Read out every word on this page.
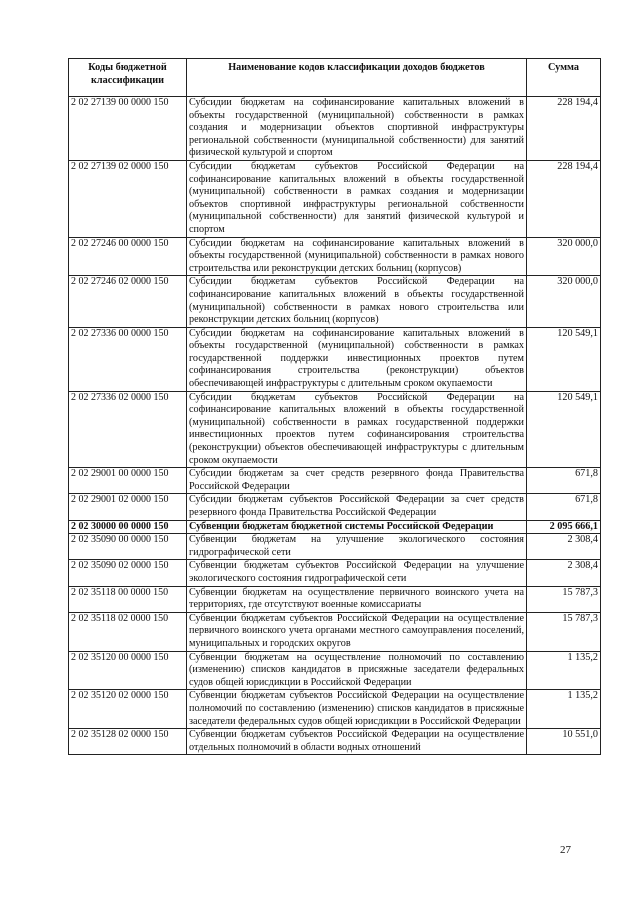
Коды бюджетной классификации	Наименование кодов классификации доходов бюджетов	Сумма
2 02 27139 00 0000 150	Субсидии бюджетам на софинансирование капитальных вложений в объекты государственной (муниципальной) собственности в рамках создания и модернизации объектов спортивной инфраструктуры региональной собственности (муниципальной собственности) для занятий физической культурой и спортом	228 194,4
2 02 27139 02 0000 150	Субсидии бюджетам субъектов Российской Федерации на софинансирование капитальных вложений в объекты государственной (муниципальной) собственности в рамках создания и модернизации объектов спортивной инфраструктуры региональной собственности (муниципальной собственности) для занятий физической культурой и спортом	228 194,4
2 02 27246 00 0000 150	Субсидии бюджетам на софинансирование капитальных вложений в объекты государственной (муниципальной) собственности в рамках нового строительства или реконструкции детских больниц (корпусов)	320 000,0
2 02 27246 02 0000 150	Субсидии бюджетам субъектов Российской Федерации на софинансирование капитальных вложений в объекты государственной (муниципальной) собственности в рамках нового строительства или реконструкции детских больниц (корпусов)	320 000,0
2 02 27336 00 0000 150	Субсидии бюджетам на софинансирование капитальных вложений в объекты государственной (муниципальной) собственности в рамках государственной поддержки инвестиционных проектов путем софинансирования строительства (реконструкции) объектов обеспечивающей инфраструктуры с длительным сроком окупаемости	120 549,1
2 02 27336 02 0000 150	Субсидии бюджетам субъектов Российской Федерации на софинансирование капитальных вложений в объекты государственной (муниципальной) собственности в рамках государственной поддержки инвестиционных проектов путем софинансирования строительства (реконструкции) объектов обеспечивающей инфраструктуры с длительным сроком окупаемости	120 549,1
2 02 29001 00 0000 150	Субсидии бюджетам за счет средств резервного фонда Правительства Российской Федерации	671,8
2 02 29001 02 0000 150	Субсидии бюджетам субъектов Российской Федерации за счет средств резервного фонда Правительства Российской Федерации	671,8
2 02 30000 00 0000 150	Субвенции бюджетам бюджетной системы Российской Федерации	2 095 666,1
2 02 35090 00 0000 150	Субвенции бюджетам на улучшение экологического состояния гидрографической сети	2 308,4
2 02 35090 02 0000 150	Субвенции бюджетам субъектов Российской Федерации на улучшение экологического состояния гидрографической сети	2 308,4
2 02 35118 00 0000 150	Субвенции бюджетам на осуществление первичного воинского учета на территориях, где отсутствуют военные комиссариаты	15 787,3
2 02 35118 02 0000 150	Субвенции бюджетам субъектов Российской Федерации на осуществление первичного воинского учета органами местного самоуправления поселений, муниципальных и городских округов	15 787,3
2 02 35120 00 0000 150	Субвенции бюджетам на осуществление полномочий по составлению (изменению) списков кандидатов в присяжные заседатели федеральных судов общей юрисдикции в Российской Федерации	1 135,2
2 02 35120 02 0000 150	Субвенции бюджетам субъектов Российской Федерации на осуществление полномочий по составлению (изменению) списков кандидатов в присяжные заседатели федеральных судов общей юрисдикции в Российской Федерации	1 135,2
2 02 35128 02 0000 150	Субвенции бюджетам субъектов Российской Федерации на осуществление отдельных полномочий в области водных отношений	10 551,0
27
